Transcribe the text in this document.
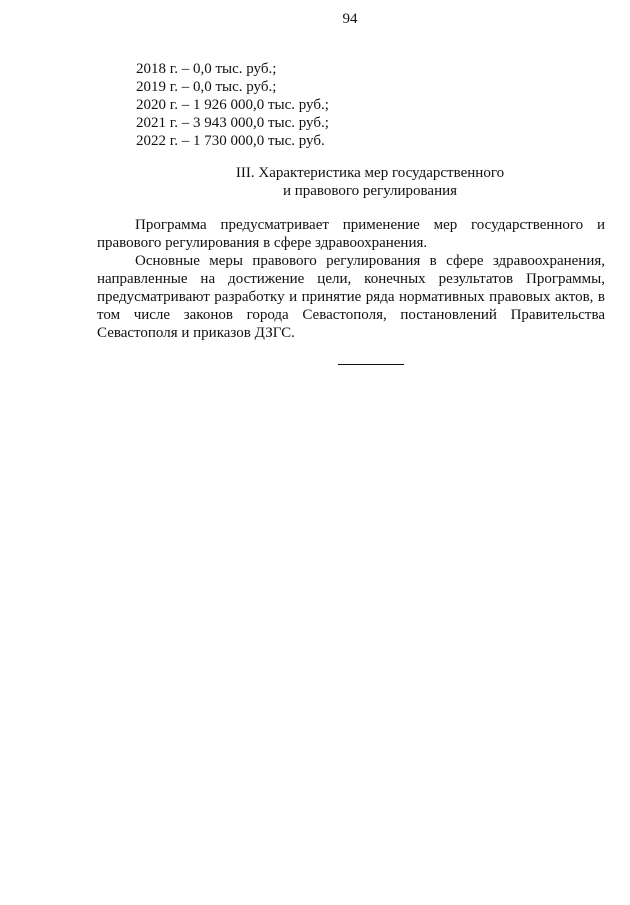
94
2018 г. – 0,0 тыс. руб.;
2019 г. – 0,0 тыс. руб.;
2020 г. – 1 926 000,0 тыс. руб.;
2021 г. – 3 943 000,0 тыс. руб.;
2022 г. – 1 730 000,0 тыс. руб.
III. Характеристика мер государственного
и правового регулирования

Программа предусматривает применение мер государственного и правового регулирования в сфере здравоохранения.

Основные меры правового регулирования в сфере здравоохранения, направленные на достижение цели, конечных результатов Программы, предусматривают разработку и принятие ряда нормативных правовых актов, в том числе законов города Севастополя, постановлений Правительства Севастополя и приказов ДЗГС.
